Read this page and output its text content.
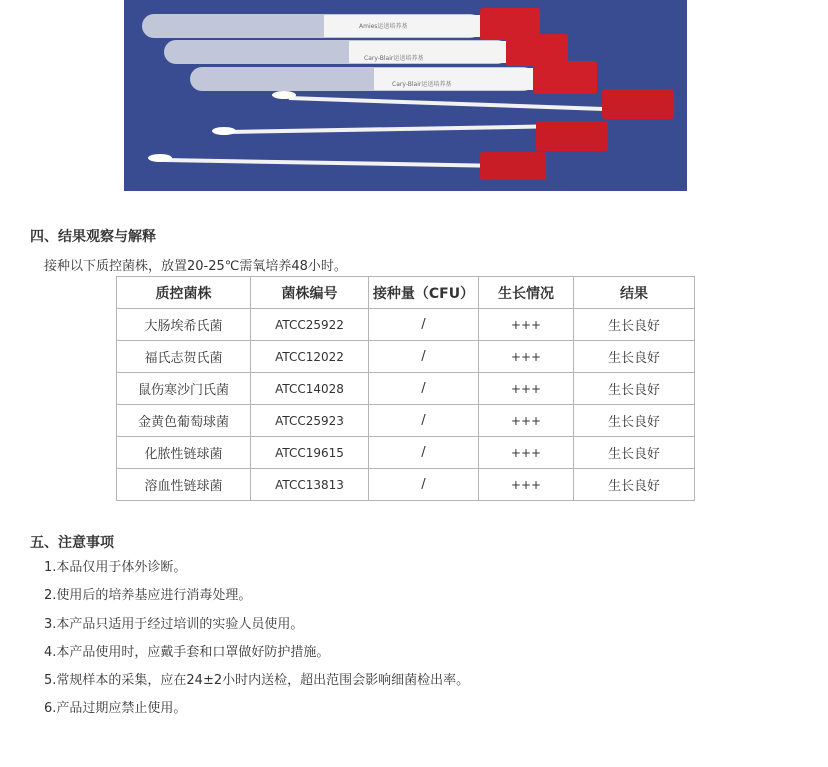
Amies运送培养基
Cary-Blair运送培养基
Cary-Blair运送培养基
四、结果观察与解释
接种以下质控菌株，放置20-25℃需氧培养48小时。
质控菌株	菌株编号	接种量（CFU）	生长情况	结果
大肠埃希氏菌	ATCC25922	/	+++	生长良好
福氏志贺氏菌	ATCC12022	/	+++	生长良好
鼠伤寒沙门氏菌	ATCC14028	/	+++	生长良好
金黄色葡萄球菌	ATCC25923	/	+++	生长良好
化脓性链球菌	ATCC19615	/	+++	生长良好
溶血性链球菌	ATCC13813	/	+++	生长良好
五、注意事项
1.本品仅用于体外诊断。
2.使用后的培养基应进行消毒处理。
3.本产品只适用于经过培训的实验人员使用。
4.本产品使用时，应戴手套和口罩做好防护措施。
5.常规样本的采集，应在24±2小时内送检，超出范围会影响细菌检出率。
6.产品过期应禁止使用。
